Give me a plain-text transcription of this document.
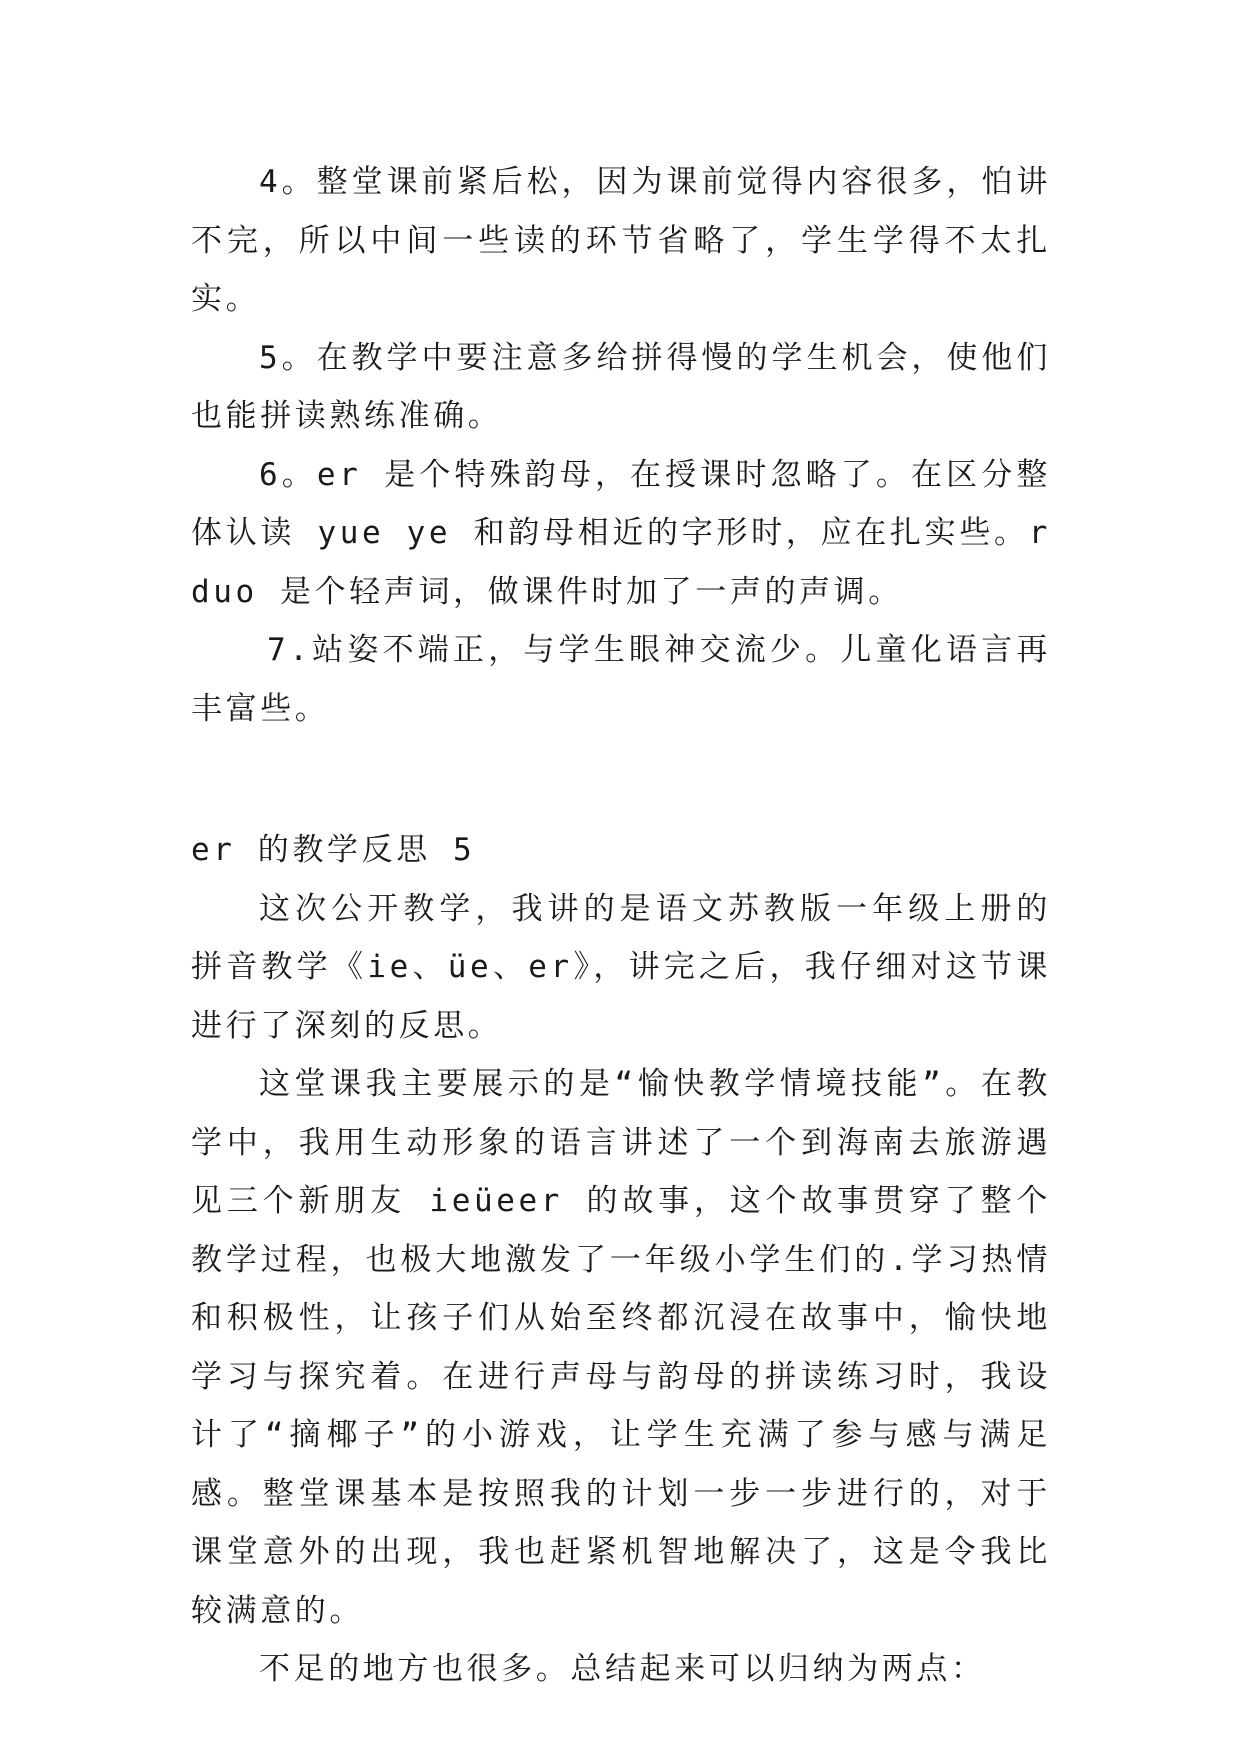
4。整堂课前紧后松，因为课前觉得内容很多，怕讲不完，所以中间一些读的环节省略了，学生学得不太扎实。

5。在教学中要注意多给拼得慢的学生机会，使他们也能拼读熟练准确。

6。er 是个特殊韵母，在授课时忽略了。在区分整体认读 yue ye 和韵母相近的字形时，应在扎实些。r duo 是个轻声词，做课件时加了一声的声调。

7.站姿不端正，与学生眼神交流少。儿童化语言再丰富些。

er 的教学反思 5

这次公开教学，我讲的是语文苏教版一年级上册的拼音教学《ie、üe、er》，讲完之后，我仔细对这节课进行了深刻的反思。

这堂课我主要展示的是“愉快教学情境技能”。在教学中，我用生动形象的语言讲述了一个到海南去旅游遇见三个新朋友 ieüeer 的故事，这个故事贯穿了整个教学过程，也极大地激发了一年级小学生们的.学习热情和积极性，让孩子们从始至终都沉浸在故事中，愉快地学习与探究着。在进行声母与韵母的拼读练习时，我设计了“摘椰子”的小游戏，让学生充满了参与感与满足感。整堂课基本是按照我的计划一步一步进行的，对于课堂意外的出现，我也赶紧机智地解决了，这是令我比较满意的。

不足的地方也很多。总结起来可以归纳为两点：
